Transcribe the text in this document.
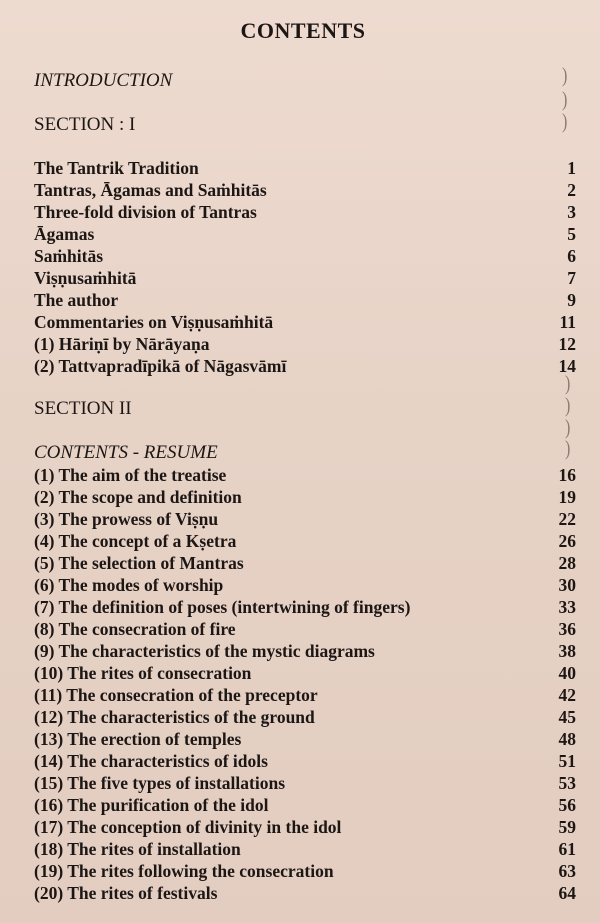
CONTENTS
INTRODUCTION	)
)
SECTION : I	)
The Tantrik Tradition	1
Tantras, Āgamas and Saṁhitās	2
Three-fold division of Tantras	3
Āgamas	5
Saṁhitās	6
Viṣṇusaṁhitā	7
The author	9
Commentaries on Viṣṇusaṁhitā	11
(1) Hāriṇī by Nārāyaṇa	12
(2) Tattvapradīpikā of Nāgasvāmī	14
)
SECTION II	)
)
CONTENTS - RESUME	)
(1) The aim of the treatise	16
(2) The scope and definition	19
(3) The prowess of Viṣṇu	22
(4) The concept of a Kṣetra	26
(5) The selection of Mantras	28
(6) The modes of worship	30
(7) The definition of poses (intertwining of fingers)	33
(8) The consecration of fire	36
(9) The characteristics of the mystic diagrams	38
(10) The rites of consecration	40
(11) The consecration of the preceptor	42
(12) The characteristics of the ground	45
(13) The erection of temples	48
(14) The characteristics of idols	51
(15) The five types of installations	53
(16) The purification of the idol	56
(17) The conception of divinity in the idol	59
(18) The rites of installation	61
(19) The rites following the consecration	63
(20) The rites of festivals	64
